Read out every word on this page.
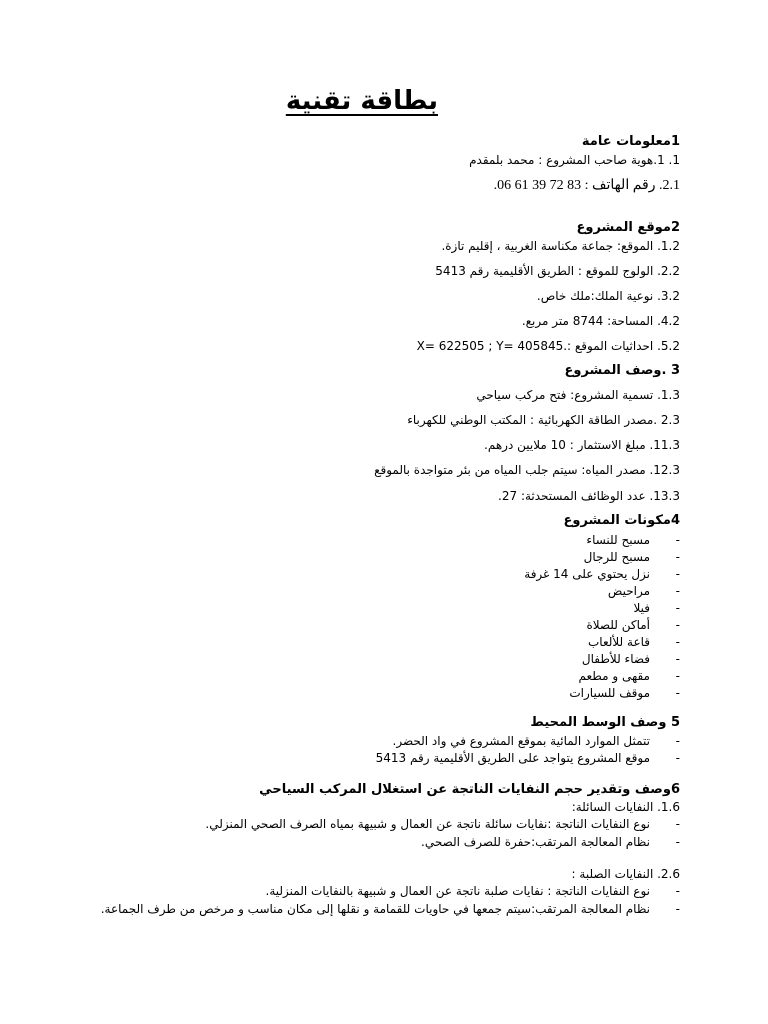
بطاقة تقنية
1معلومات عامة
1. 1.هوية صاحب المشروع : محمد بلمقدم
2.1. رقم الهاتف : 83 72 39 61 06.
2موقع المشروع
1.2. الموقع: جماعة مكناسة الغربية ، إقليم تازة.
2.2. الولوج للموقع : الطريق الأقليمية رقم 5413
3.2. نوعية الملك:ملك خاص.
4.2. المساحة: 8744 متر مربع.
5.2. احداثيات الموقع :.X= 622505 ; Y= 405845
3 .وصف المشروع
1.3. تسمية المشروع: فتح مركب سياحي
2.3 .مصدر الطاقة الكهربائية : المكتب الوطني للكهرباء
11.3. مبلغ الاستثمار : 10 ملايين درهم.
12.3. مصدر المياه: سيتم جلب المياه من بئر متواجدة بالموقع
13.3. عدد الوظائف المستحدثة: 27.
4مكونات المشروع
-
مسبح للنساء
-
مسبح للرجال
-
نزل يحتوي على 14 غرفة
-
مراحيض
-
فيلا
-
أماكن للصلاة
-
قاعة للألعاب
-
فضاء للأطفال
-
مقهى و مطعم
-
موقف للسيارات
5 وصف الوسط المحيط
-
تتمثل الموارد المائية بموقع المشروع في واد الحضر.
-
موقع المشروع يتواجد على الطريق الأقليمية رقم 5413
6وصف وتقدير حجم النفايات الناتجة عن استغلال المركب السياحي
1.6. النفايات السائلة:
-
نوع النفايات الناتجة :نفايات سائلة ناتجة عن العمال و شبيهة بمياه الصرف الصحي المنزلي.
-
نظام المعالجة المرتقب:حفرة للصرف الصحي.
2.6. النفايات الصلبة :
-
نوع النفايات الناتجة : نفايات صلبة ناتجة عن العمال و شبيهة بالنفايات المنزلية.
-
نظام المعالجة المرتقب:سيتم جمعها في حاويات للقمامة و نقلها إلى مكان مناسب و مرخص من طرف الجماعة.
